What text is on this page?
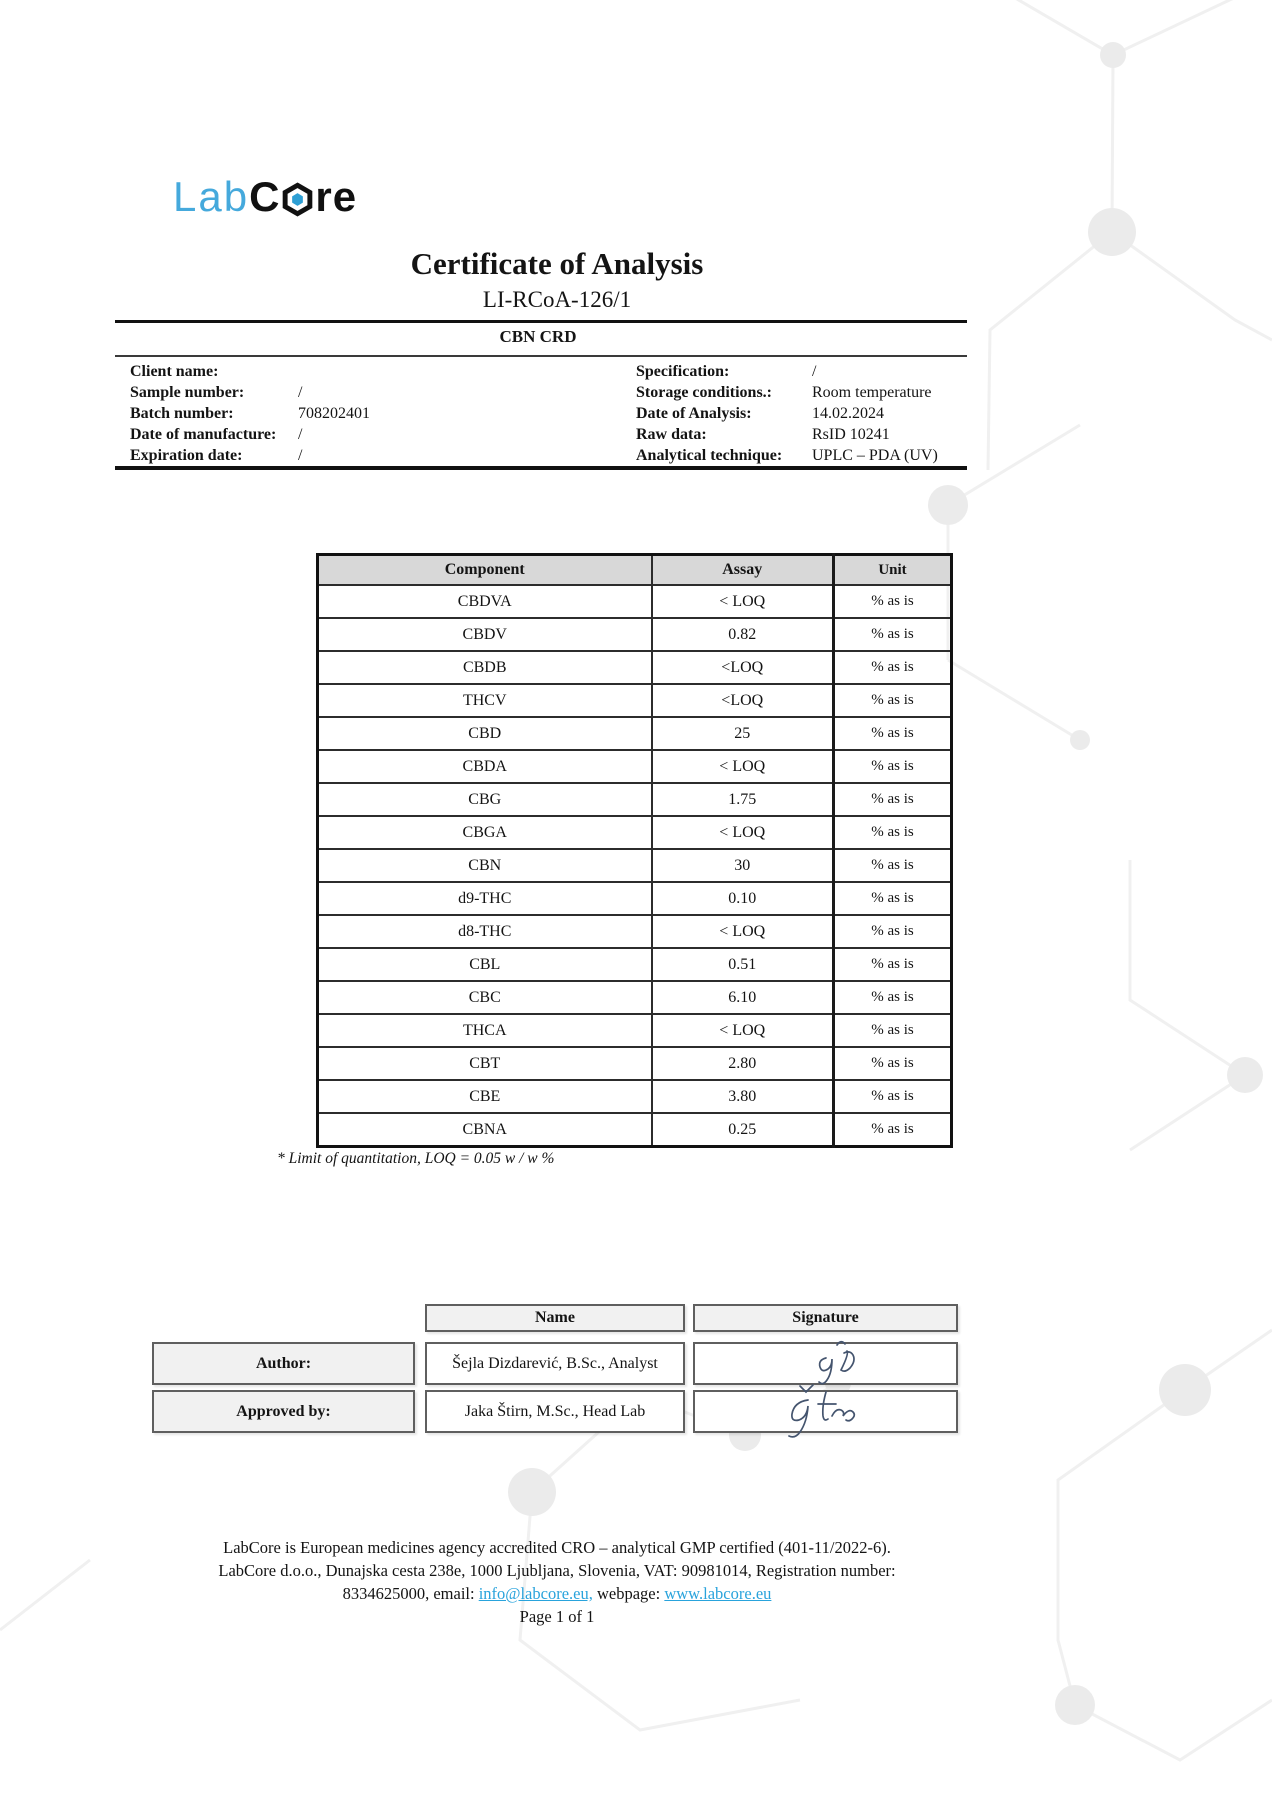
Lab C re
Certificate of Analysis
LI-RCoA-126/1
CBN CRD
Client name:
Sample number:	/
Batch number:	708202401
Date of manufacture:	/
Expiration date:	/
Specification:	/
Storage conditions.:	Room temperature
Date of Analysis:	14.02.2024
Raw data:	RsID 10241
Analytical technique:	UPLC – PDA (UV)
Component	Assay	Unit
CBDVA	< LOQ	% as is
CBDV	0.82	% as is
CBDB	<LOQ	% as is
THCV	<LOQ	% as is
CBD	25	% as is
CBDA	< LOQ	% as is
CBG	1.75	% as is
CBGA	< LOQ	% as is
CBN	30	% as is
d9-THC	0.10	% as is
d8-THC	< LOQ	% as is
CBL	0.51	% as is
CBC	6.10	% as is
THCA	< LOQ	% as is
CBT	2.80	% as is
CBE	3.80	% as is
CBNA	0.25	% as is
* Limit of quantitation, LOQ = 0.05 w / w %
Name	Signature
Author:	Šejla Dizdarević, B.Sc., Analyst
Approved by:	Jaka Štirn, M.Sc., Head Lab
LabCore is European medicines agency accredited CRO – analytical GMP certified (401-11/2022-6).
LabCore d.o.o., Dunajska cesta 238e, 1000 Ljubljana, Slovenia, VAT: 90981014, Registration number:
8334625000, email: info@labcore.eu, webpage: www.labcore.eu
Page 1 of 1
